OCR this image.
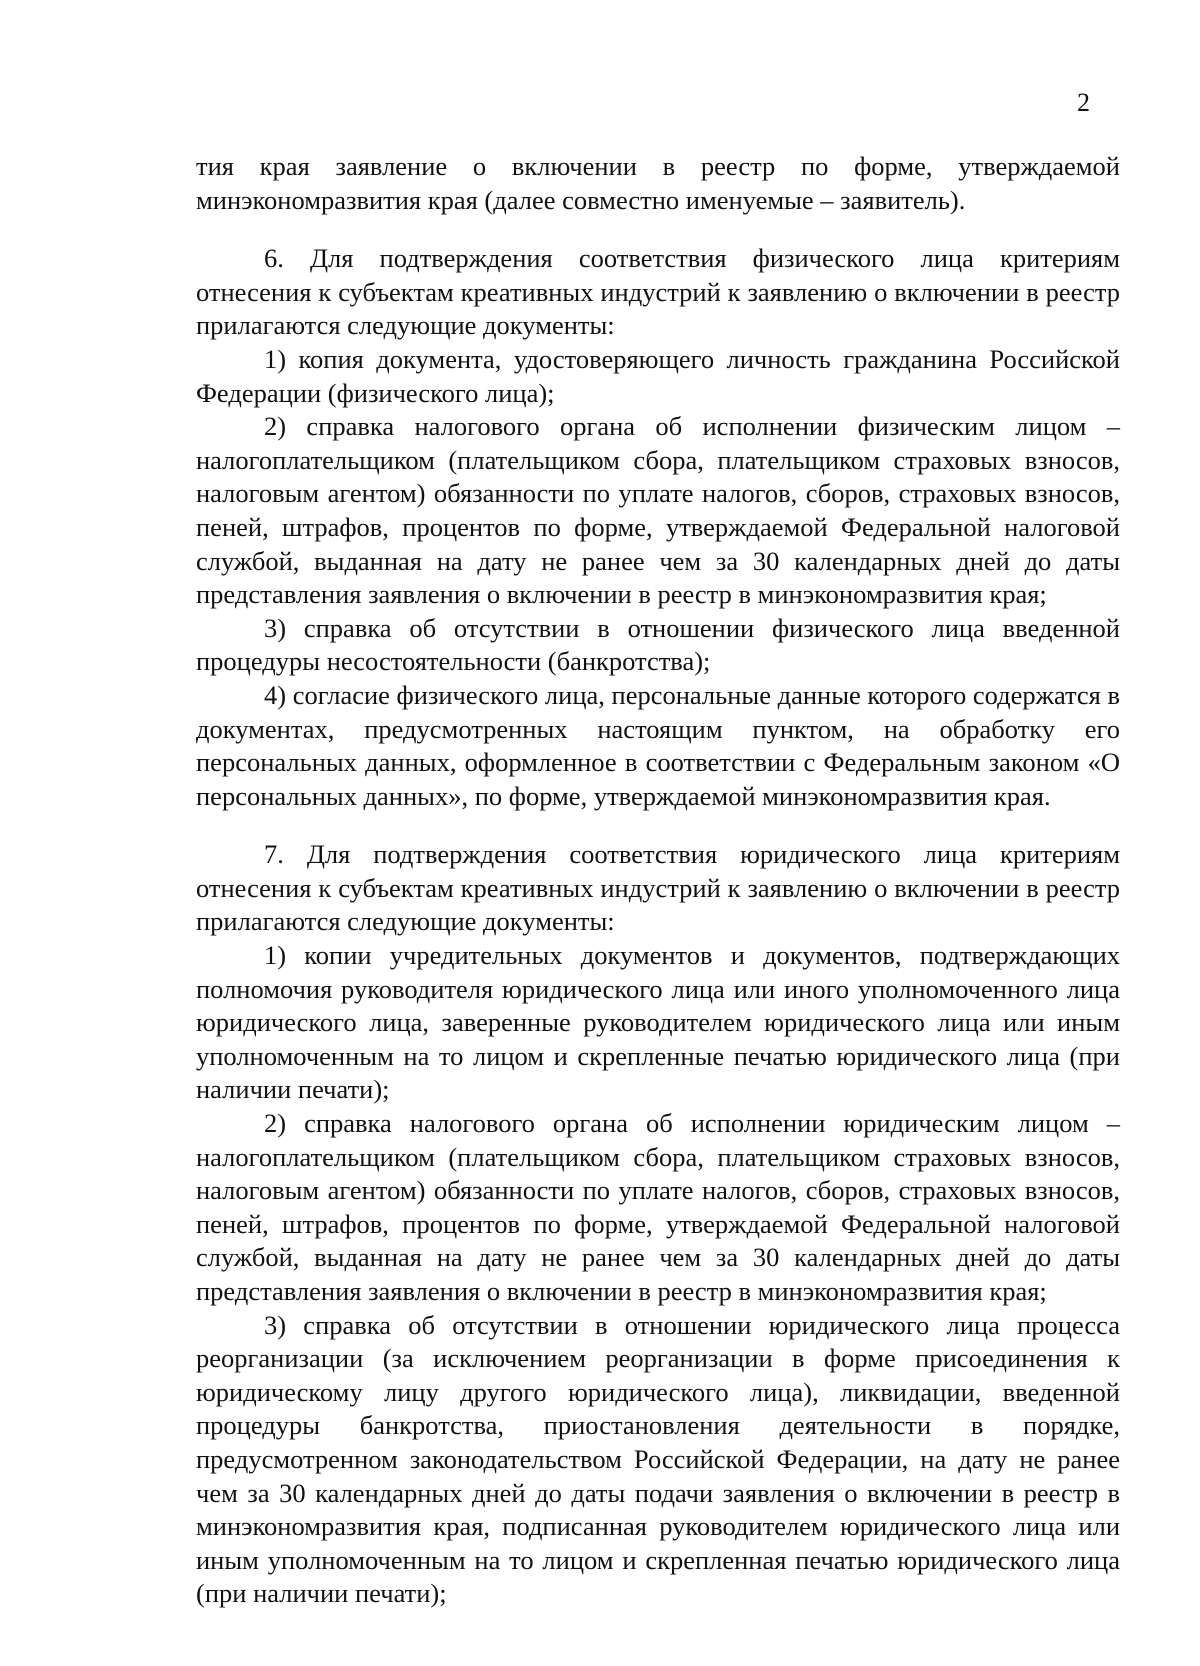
2

тия края заявление о включении в реестр по форме, утверждаемой минэкономразвития края (далее совместно именуемые – заявитель).

6. Для подтверждения соответствия физического лица критериям отнесения к субъектам креативных индустрий к заявлению о включении в реестр прилагаются следующие документы:

1) копия документа, удостоверяющего личность гражданина Российской Федерации (физического лица);

2) справка налогового органа об исполнении физическим лицом – налогоплательщиком (плательщиком сбора, плательщиком страховых взносов, налоговым агентом) обязанности по уплате налогов, сборов, страховых взносов, пеней, штрафов, процентов по форме, утверждаемой Федеральной налоговой службой, выданная на дату не ранее чем за 30 календарных дней до даты представления заявления о включении в реестр в минэкономразвития края;

3) справка об отсутствии в отношении физического лица введенной процедуры несостоятельности (банкротства);

4) согласие физического лица, персональные данные которого содержатся в документах, предусмотренных настоящим пунктом, на обработку его персональных данных, оформленное в соответствии с Федеральным законом «О персональных данных», по форме, утверждаемой минэкономразвития края.

7. Для подтверждения соответствия юридического лица критериям отнесения к субъектам креативных индустрий к заявлению о включении в реестр прилагаются следующие документы:

1) копии учредительных документов и документов, подтверждающих полномочия руководителя юридического лица или иного уполномоченного лица юридического лица, заверенные руководителем юридического лица или иным уполномоченным на то лицом и скрепленные печатью юридического лица (при наличии печати);

2) справка налогового органа об исполнении юридическим лицом – налогоплательщиком (плательщиком сбора, плательщиком страховых взносов, налоговым агентом) обязанности по уплате налогов, сборов, страховых взносов, пеней, штрафов, процентов по форме, утверждаемой Федеральной налоговой службой, выданная на дату не ранее чем за 30 календарных дней до даты представления заявления о включении в реестр в минэкономразвития края;

3) справка об отсутствии в отношении юридического лица процесса реорганизации (за исключением реорганизации в форме присоединения к юридическому лицу другого юридического лица), ликвидации, введенной процедуры банкротства, приостановления деятельности в порядке, предусмотренном законодательством Российской Федерации, на дату не ранее чем за 30 календарных дней до даты подачи заявления о включении в реестр в минэкономразвития края, подписанная руководителем юридического лица или иным уполномоченным на то лицом и скрепленная печатью юридического лица (при наличии печати);
